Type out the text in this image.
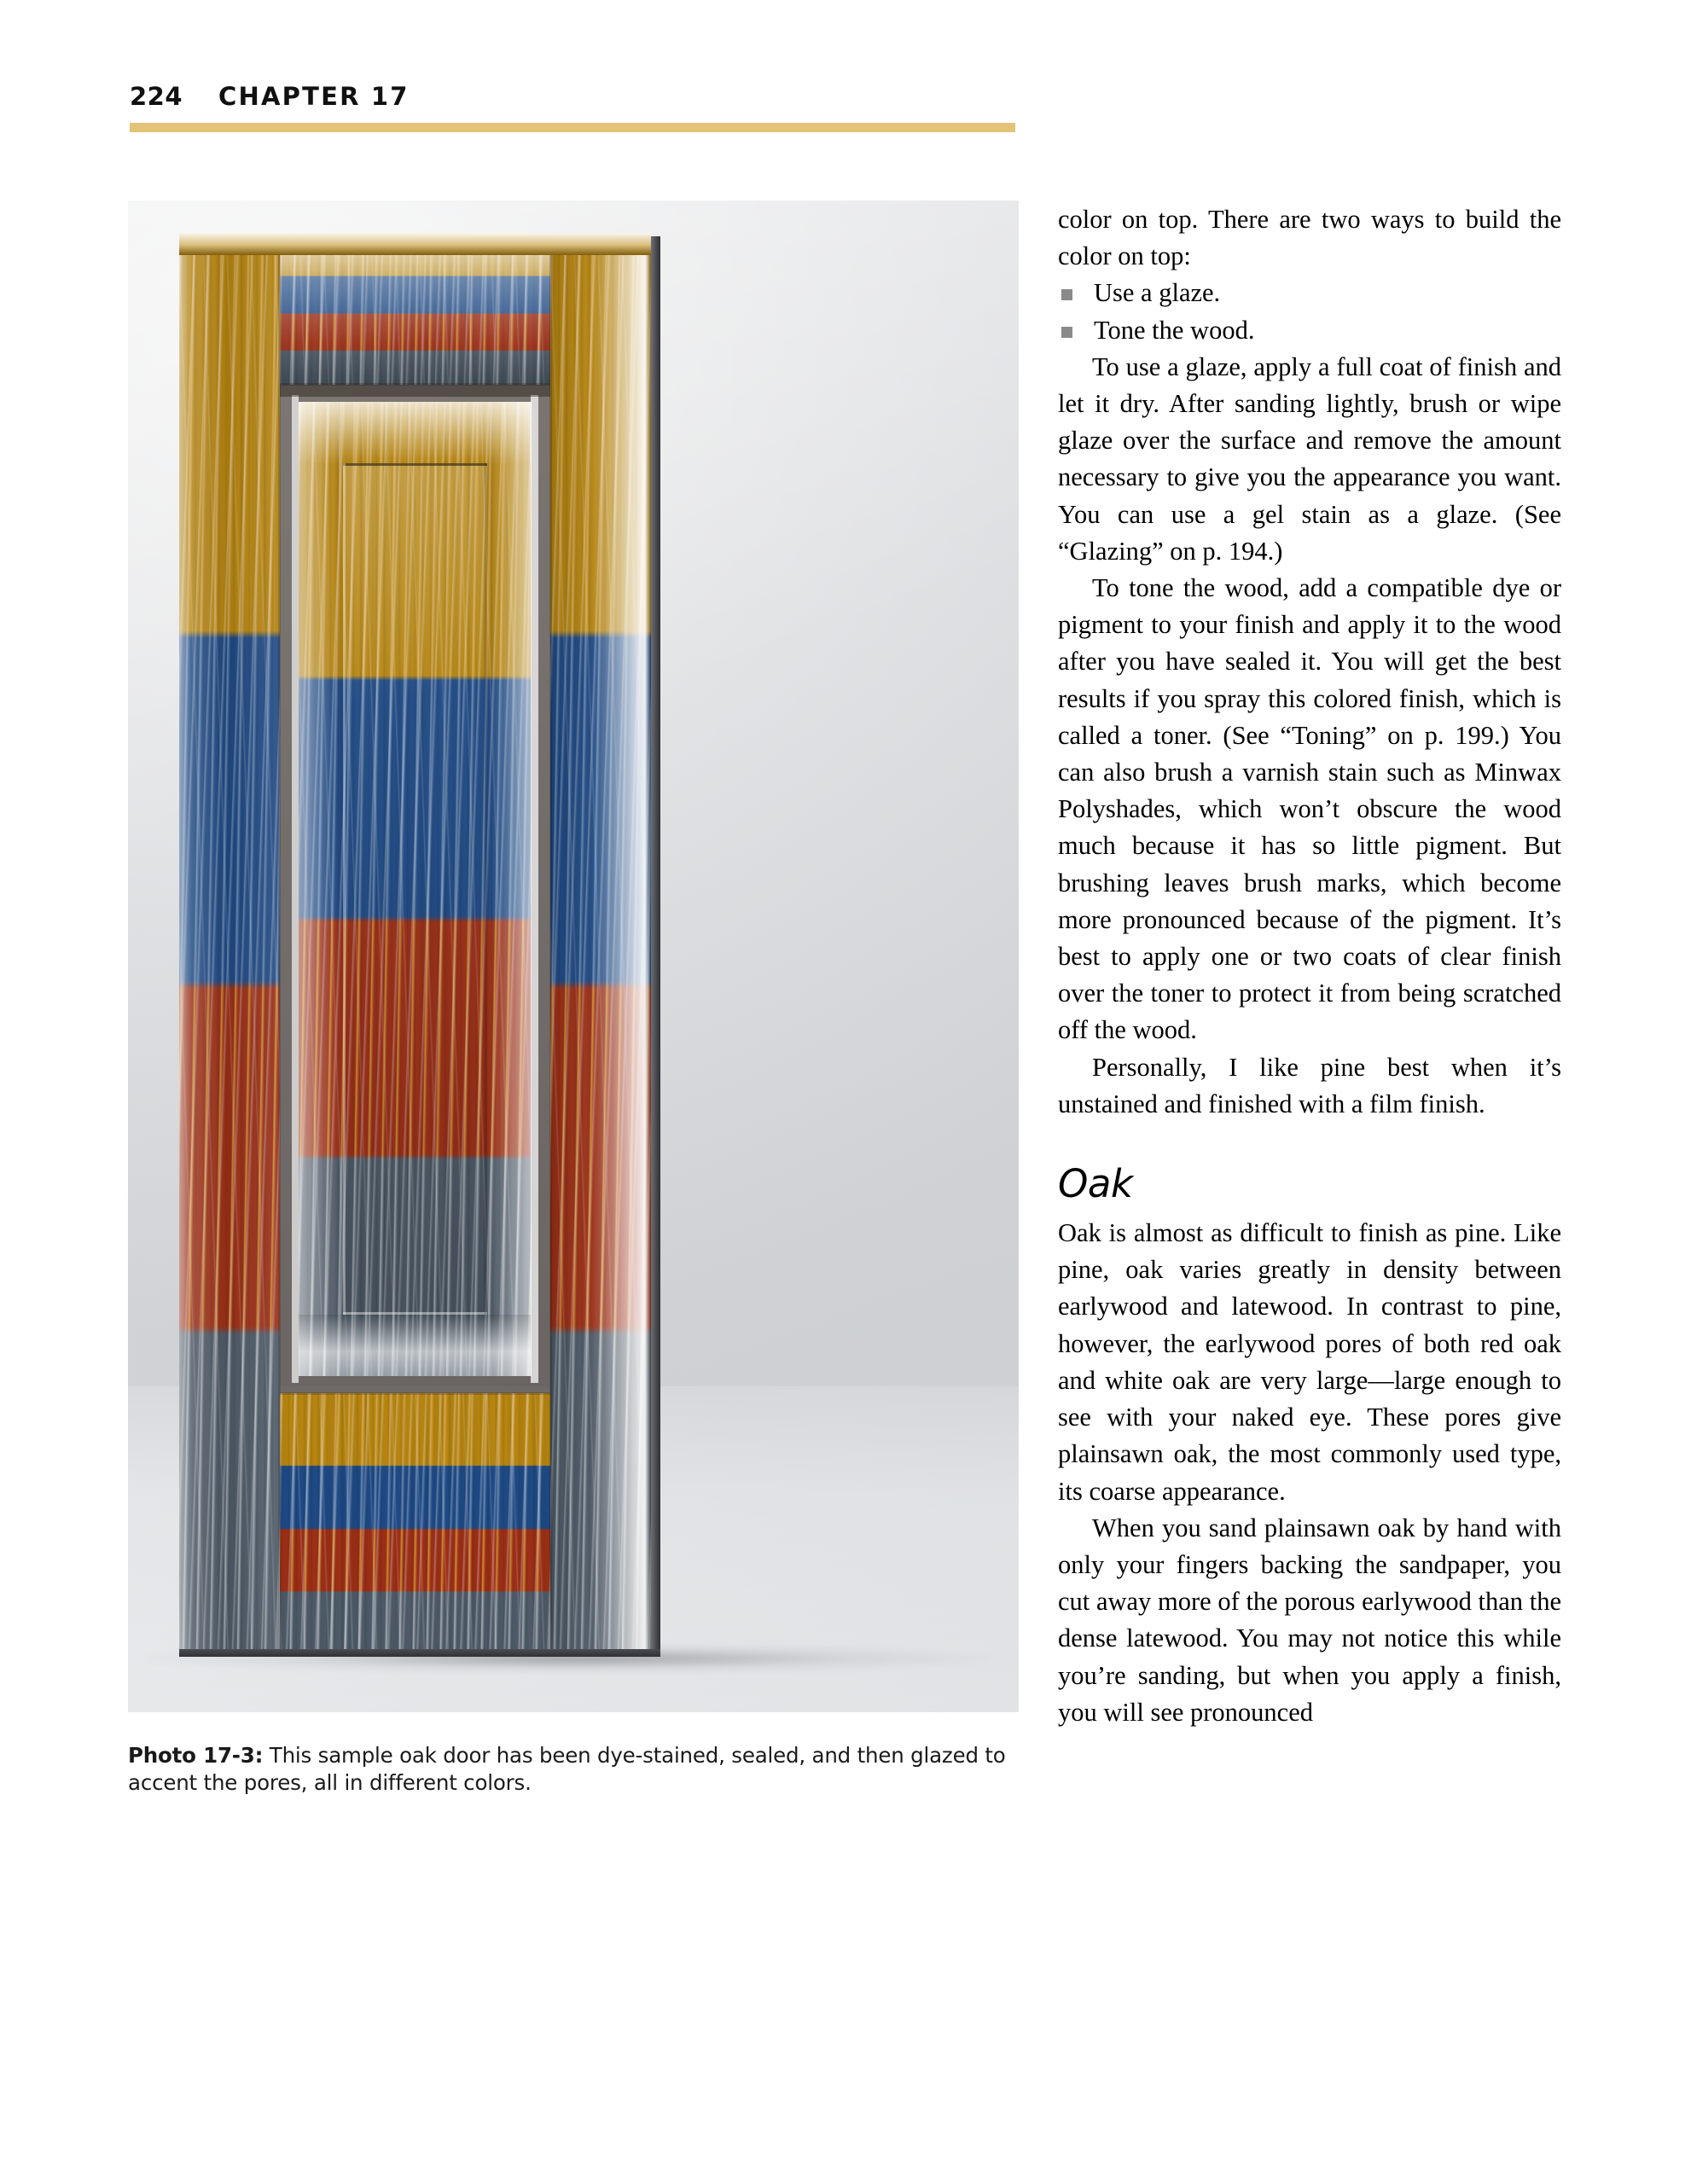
224 CHAPTER 17
Photo 17-3: This sample oak door has been dye-stained, sealed, and then glazed to accent the pores, all in different colors.

color on top. There are two ways to build the color on top:

Use a glaze.
Tone the wood.

To use a glaze, apply a full coat of finish and let it dry. After sanding lightly, brush or wipe glaze over the surface and remove the amount necessary to give you the appearance you want. You can use a gel stain as a glaze. (See “Glazing” on p. 194.)

To tone the wood, add a compatible dye or pigment to your finish and apply it to the wood after you have sealed it. You will get the best results if you spray this colored finish, which is called a toner. (See “Toning” on p. 199.) You can also brush a varnish stain such as Minwax Polyshades, which won’t obscure the wood much because it has so little pigment. But brushing leaves brush marks, which become more pronounced because of the pigment. It’s best to apply one or two coats of clear finish over the toner to protect it from being scratched off the wood.

Personally, I like pine best when it’s unstained and finished with a film finish.

Oak

Oak is almost as difficult to finish as pine. Like pine, oak varies greatly in density between earlywood and latewood. In contrast to pine, however, the earlywood pores of both red oak and white oak are very large—large enough to see with your naked eye. These pores give plainsawn oak, the most commonly used type, its coarse appearance.

When you sand plainsawn oak by hand with only your fingers backing the sandpaper, you cut away more of the porous earlywood than the dense latewood. You may not notice this while you’re sanding, but when you apply a finish, you will see pronounced
